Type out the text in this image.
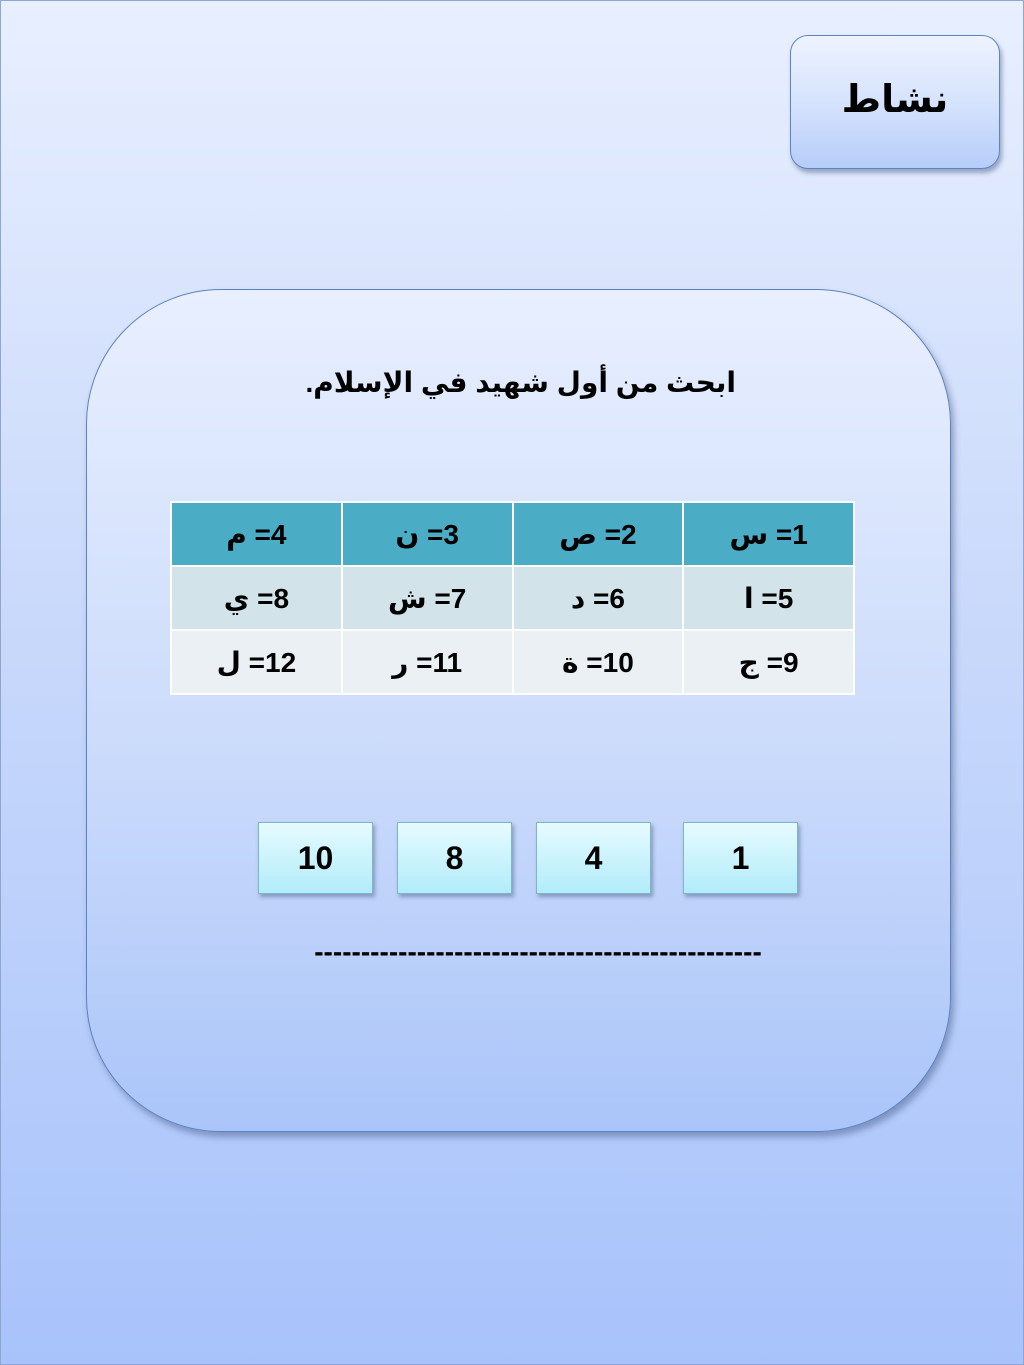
نشاط
ابحث من أول شهيد في الإسلام.
1= س	2= ص	3= ن	4= م
5= ا	6= د	7= ش	8= ي
9= ج	10= ة	11= ر	12= ل
1
4
8
10
------------------------------------------------
